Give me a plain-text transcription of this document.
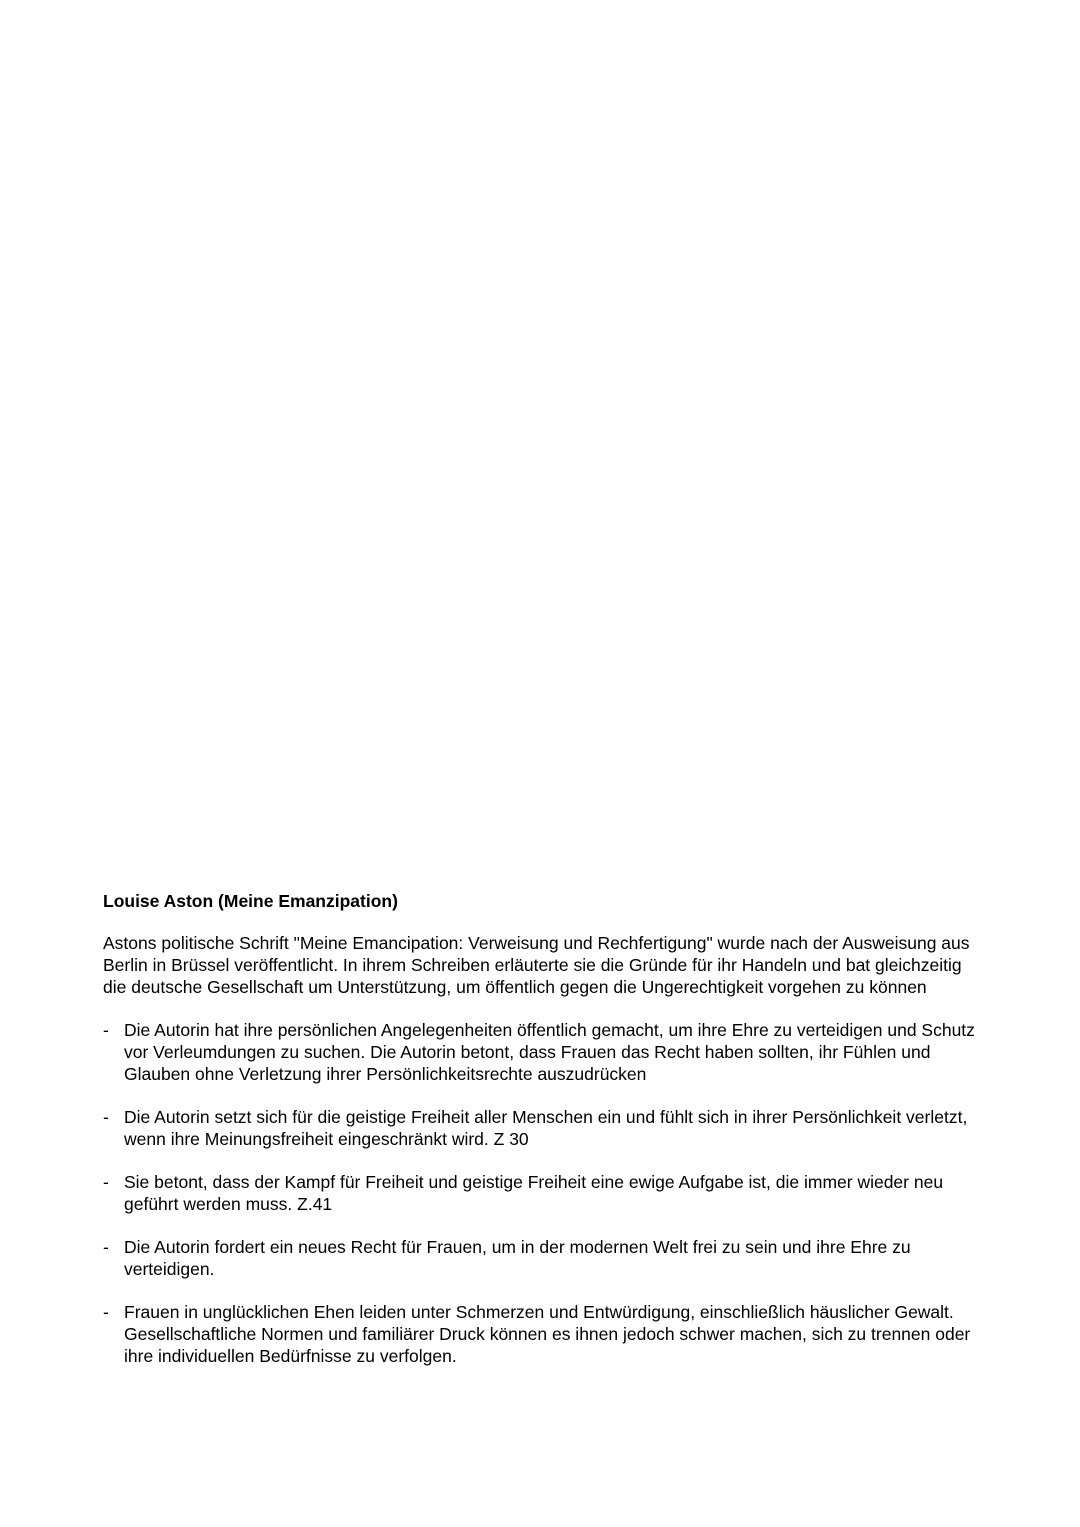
Louise Aston (Meine Emanzipation)
Astons politische Schrift "Meine Emancipation: Verweisung und Rechfertigung" wurde nach der Ausweisung aus Berlin in Brüssel veröffentlicht. In ihrem Schreiben erläuterte sie die Gründe für ihr Handeln und bat gleichzeitig die deutsche Gesellschaft um Unterstützung, um öffentlich gegen die Ungerechtigkeit vorgehen zu können
- Die Autorin hat ihre persönlichen Angelegenheiten öffentlich gemacht, um ihre Ehre zu verteidigen und Schutz vor Verleumdungen zu suchen. Die Autorin betont, dass Frauen das Recht haben sollten, ihr Fühlen und Glauben ohne Verletzung ihrer Persönlichkeitsrechte auszudrücken
- Die Autorin setzt sich für die geistige Freiheit aller Menschen ein und fühlt sich in ihrer Persönlichkeit verletzt, wenn ihre Meinungsfreiheit eingeschränkt wird. Z 30
- Sie betont, dass der Kampf für Freiheit und geistige Freiheit eine ewige Aufgabe ist, die immer wieder neu geführt werden muss. Z.41
- Die Autorin fordert ein neues Recht für Frauen, um in der modernen Welt frei zu sein und ihre Ehre zu verteidigen.
- Frauen in unglücklichen Ehen leiden unter Schmerzen und Entwürdigung, einschließlich häuslicher Gewalt. Gesellschaftliche Normen und familiärer Druck können es ihnen jedoch schwer machen, sich zu trennen oder ihre individuellen Bedürfnisse zu verfolgen.
